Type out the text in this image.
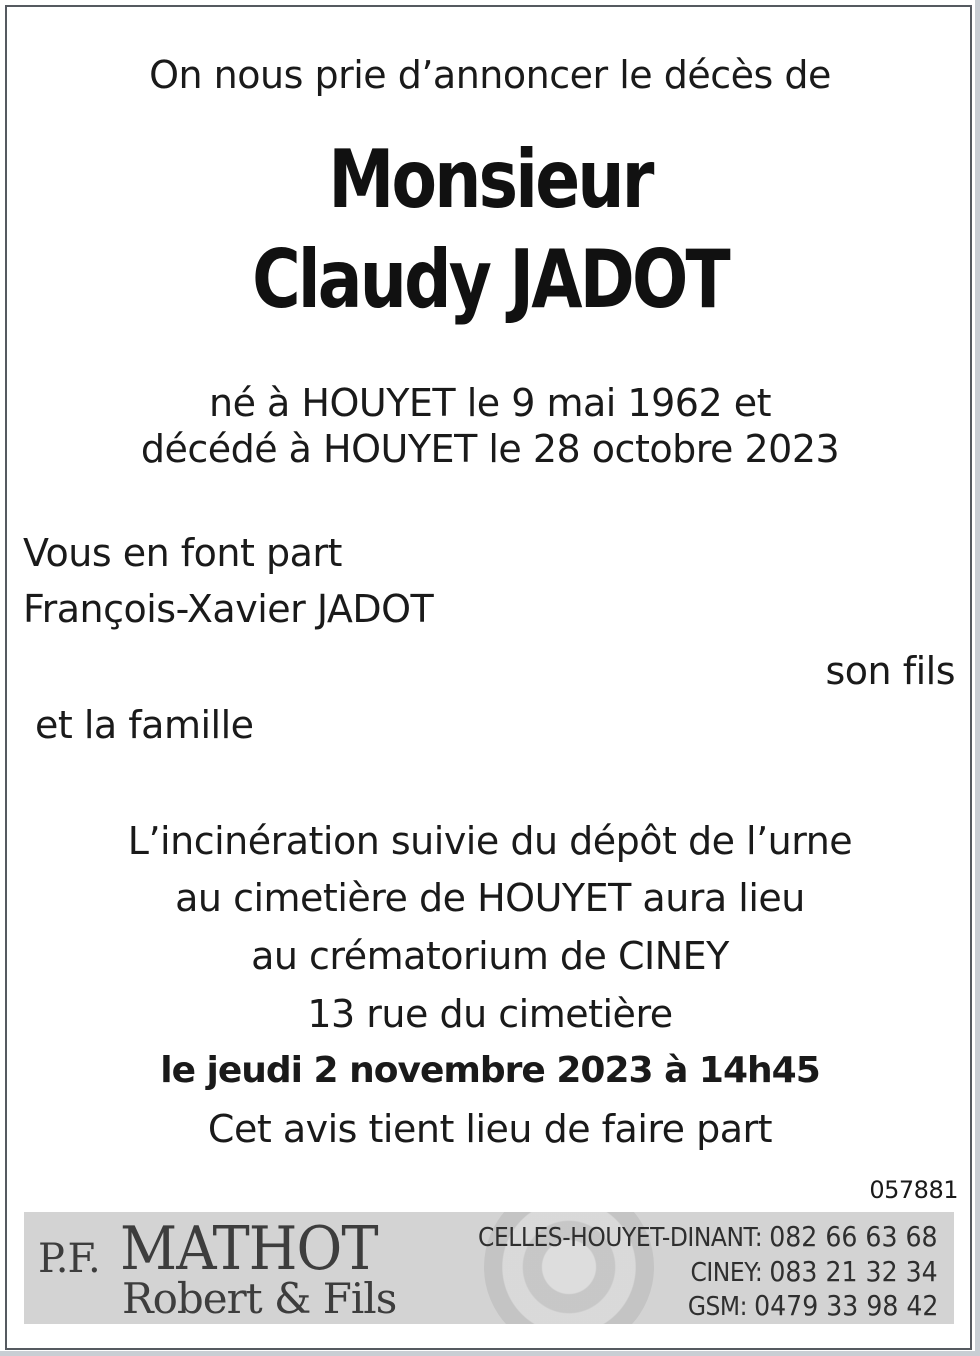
On nous prie d’annoncer le décès de
Monsieur
Claudy JADOT
né à HOUYET le 9 mai 1962 et
décédé à HOUYET le 28 octobre 2023
Vous en font part
François-Xavier JADOT
son fils
et la famille
L’incinération suivie du dépôt de l’urne
au cimetière de HOUYET aura lieu
au crématorium de CINEY
13 rue du cimetière
le jeudi 2 novembre 2023 à 14h45
Cet avis tient lieu de faire part
057881
P.F. MATHOT
Robert & Fils
CELLES-HOUYET-DINANT: 082 66 63 68
CINEY: 083 21 32 34
GSM: 0479 33 98 42
